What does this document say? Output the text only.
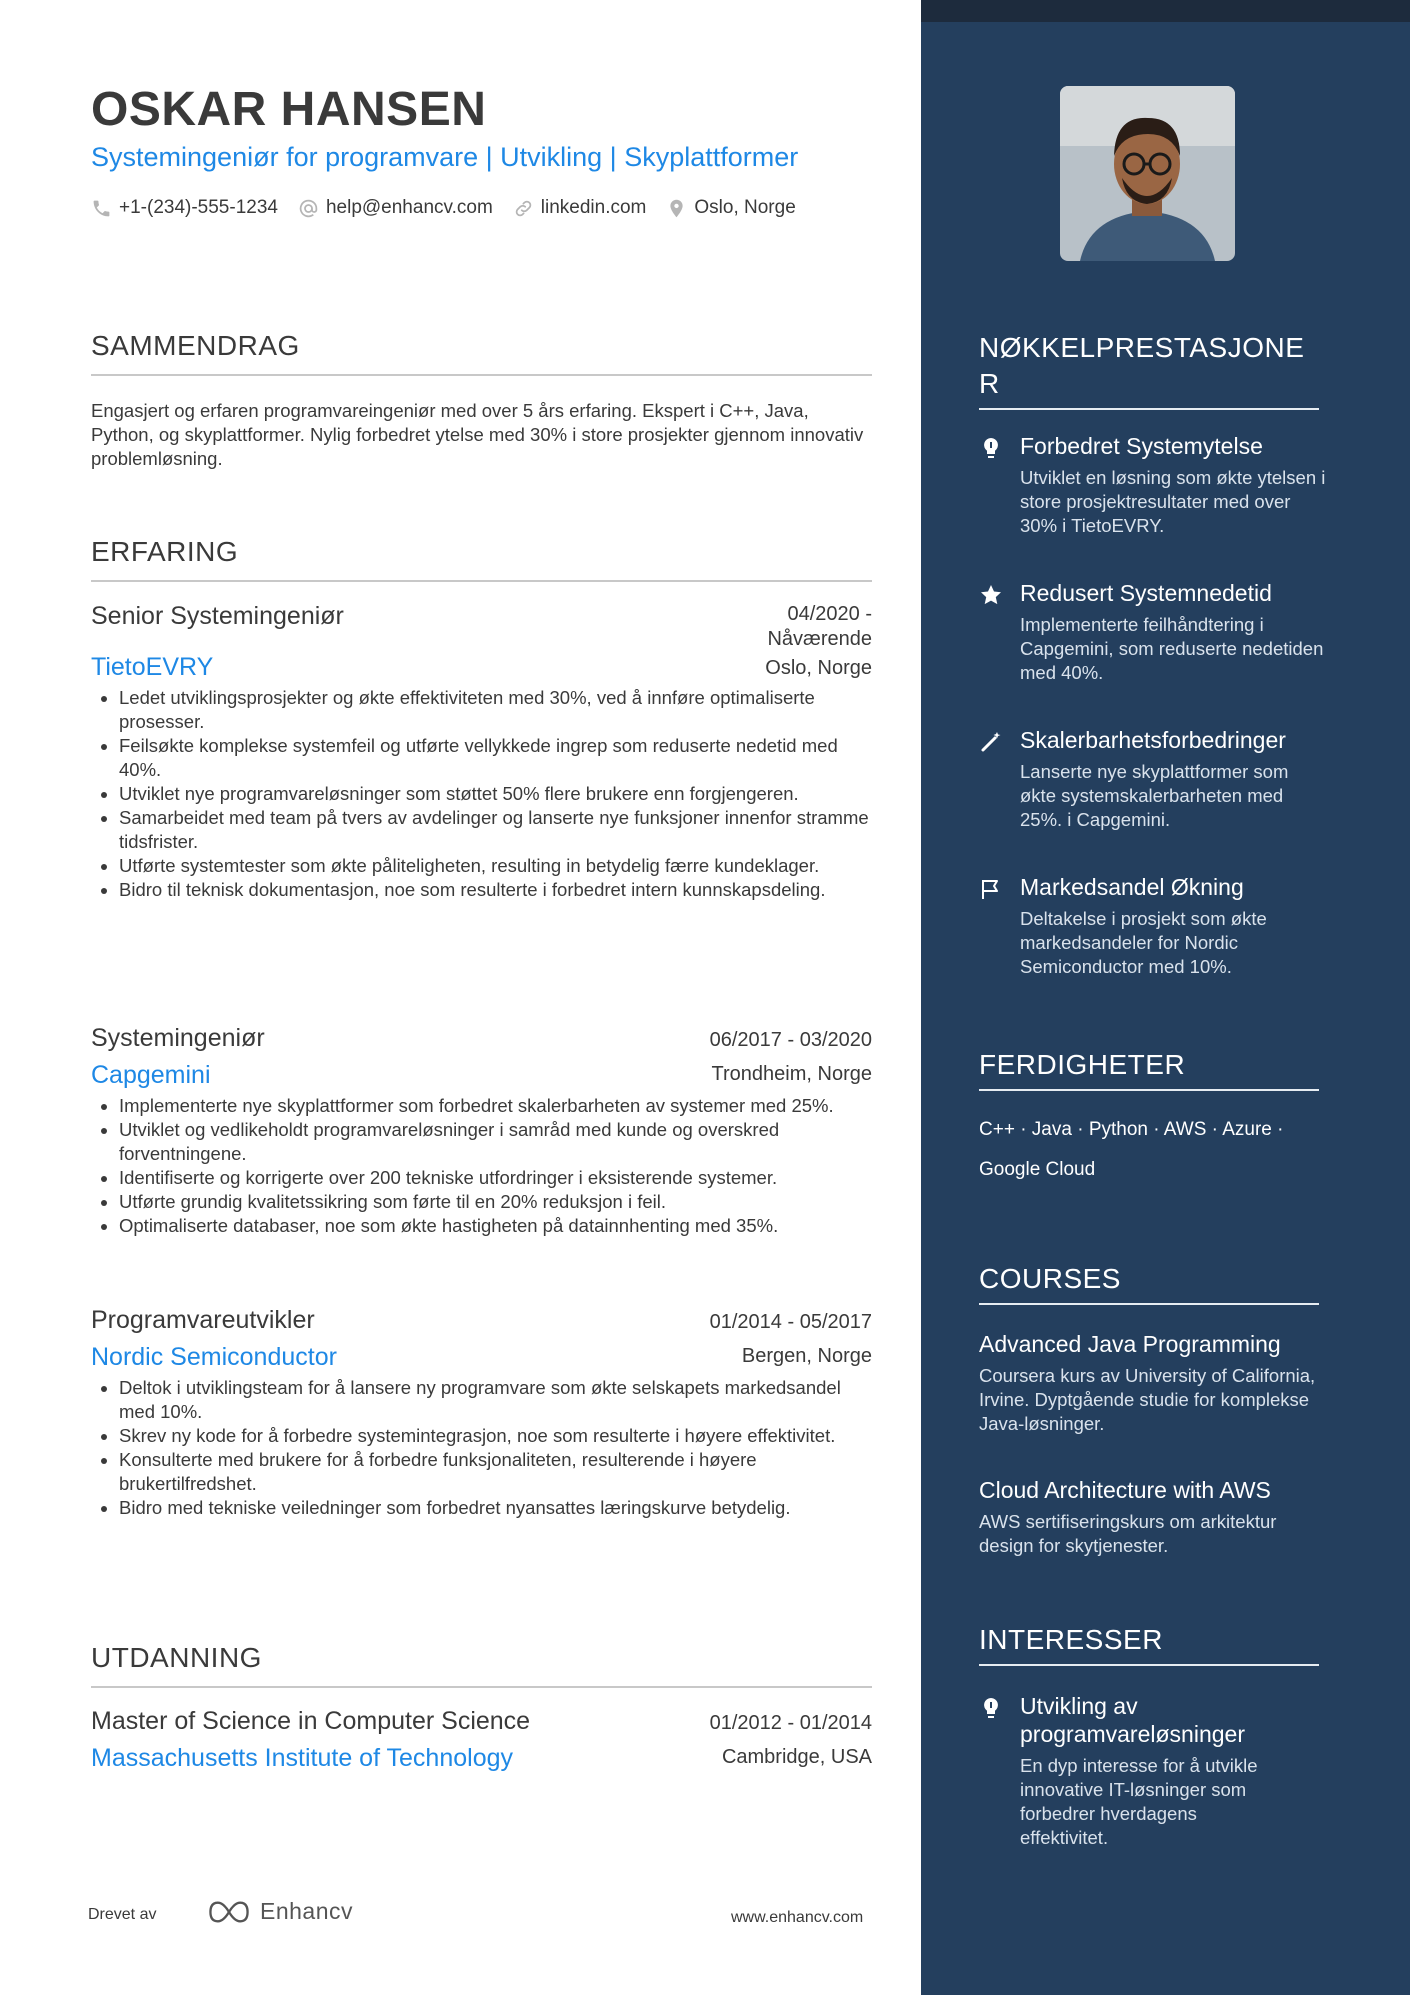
OSKAR HANSEN
Systemingeniør for programvare | Utvikling | Skyplattformer
+1-(234)-555-1234	help@enhancv.com	linkedin.com	Oslo, Norge
SAMMENDRAG
Engasjert og erfaren programvareingeniør med over 5 års erfaring. Ekspert i C++, Java, Python, og skyplattformer. Nylig forbedret ytelse med 30% i store prosjekter gjennom innovativ problemløsning.
ERFARING
Senior Systemingeniør	04/2020 -
Nåværende
TietoEVRY	Oslo, Norge
• Ledet utviklingsprosjekter og økte effektiviteten med 30%, ved å innføre optimaliserte prosesser.
• Feilsøkte komplekse systemfeil og utførte vellykkede ingrep som reduserte nedetid med 40%.
• Utviklet nye programvareløsninger som støttet 50% flere brukere enn forgjengeren.
• Samarbeidet med team på tvers av avdelinger og lanserte nye funksjoner innenfor stramme tidsfrister.
• Utførte systemtester som økte påliteligheten, resulting in betydelig færre kundeklager.
• Bidro til teknisk dokumentasjon, noe som resulterte i forbedret intern kunnskapsdeling.
Systemingeniør	06/2017 - 03/2020
Capgemini	Trondheim, Norge
• Implementerte nye skyplattformer som forbedret skalerbarheten av systemer med 25%.
• Utviklet og vedlikeholdt programvareløsninger i samråd med kunde og overskred forventningene.
• Identifiserte og korrigerte over 200 tekniske utfordringer i eksisterende systemer.
• Utførte grundig kvalitetssikring som førte til en 20% reduksjon i feil.
• Optimaliserte databaser, noe som økte hastigheten på datainnhenting med 35%.
Programvareutvikler	01/2014 - 05/2017
Nordic Semiconductor	Bergen, Norge
• Deltok i utviklingsteam for å lansere ny programvare som økte selskapets markedsandel med 10%.
• Skrev ny kode for å forbedre systemintegrasjon, noe som resulterte i høyere effektivitet.
• Konsulterte med brukere for å forbedre funksjonaliteten, resulterende i høyere brukertilfredshet.
• Bidro med tekniske veiledninger som forbedret nyansattes læringskurve betydelig.
UTDANNING
Master of Science in Computer Science	01/2012 - 01/2014
Massachusetts Institute of Technology	Cambridge, USA
Drevet av	Enhancv	www.enhancv.com
NØKKELPRESTASJONE
R
Forbedret Systemytelse
Utviklet en løsning som økte ytelsen i store prosjektresultater med over 30% i TietoEVRY.
Redusert Systemnedetid
Implementerte feilhåndtering i Capgemini, som reduserte nedetiden med 40%.
Skalerbarhetsforbedringer
Lanserte nye skyplattformer som økte systemskalerbarheten med 25%. i Capgemini.
Markedsandel Økning
Deltakelse i prosjekt som økte markedsandeler for Nordic Semiconductor med 10%.
FERDIGHETER
C++ · Java · Python · AWS · Azure ·
Google Cloud
COURSES
Advanced Java Programming
Coursera kurs av University of California, Irvine. Dyptgående studie for komplekse Java-løsninger.
Cloud Architecture with AWS
AWS sertifiseringskurs om arkitektur design for skytjenester.
INTERESSER
Utvikling av programvareløsninger
En dyp interesse for å utvikle innovative IT-løsninger som forbedrer hverdagens effektivitet.
